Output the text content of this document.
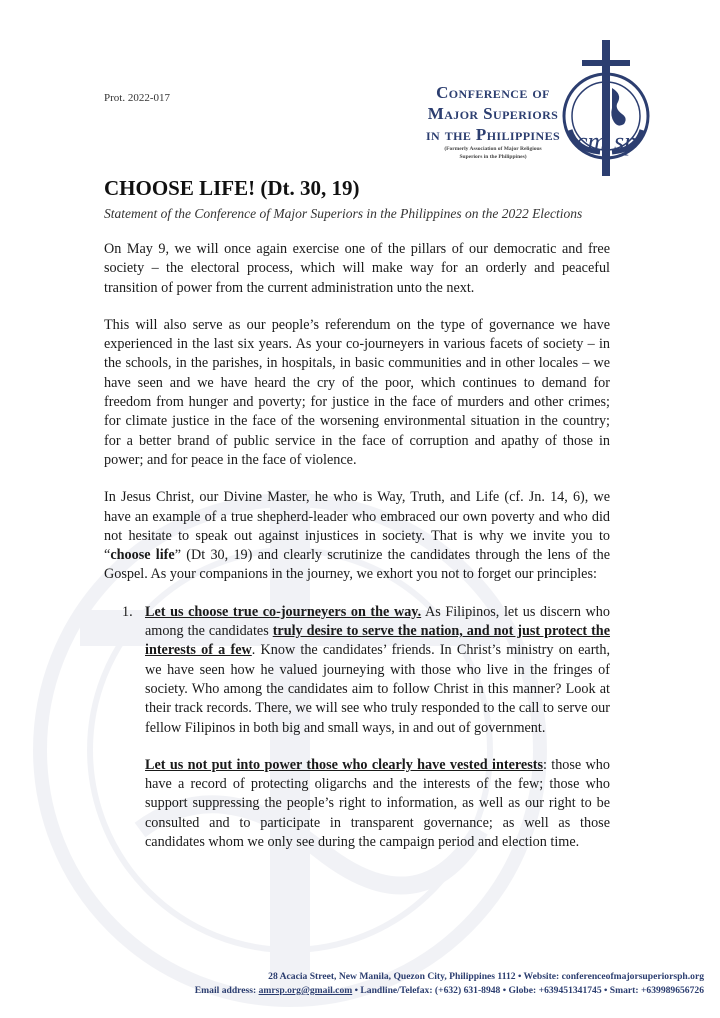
Prot. 2022-017	Conference of
Major Superiors
in the Philippines
(Formerly Association of Major Religious
Superiors in the Philippines)
cm sp
CHOOSE LIFE! (Dt. 30, 19)
Statement of the Conference of Major Superiors in the Philippines on the 2022 Elections

On May 9, we will once again exercise one of the pillars of our democratic and free society – the electoral process, which will make way for an orderly and peaceful transition of power from the current administration unto the next.

This will also serve as our people’s referendum on the type of governance we have experienced in the last six years. As your co-journeyers in various facets of society – in the schools, in the parishes, in hospitals, in basic communities and in other locales – we have seen and we have heard the cry of the poor, which continues to demand for freedom from hunger and poverty; for justice in the face of murders and other crimes; for climate justice in the face of the worsening environmental situation in the country; for a better brand of public service in the face of corruption and apathy of those in power; and for peace in the face of violence.

In Jesus Christ, our Divine Master, he who is Way, Truth, and Life (cf. Jn. 14, 6), we have an example of a true shepherd-leader who embraced our own poverty and who did not hesitate to speak out against injustices in society. That is why we invite you to “choose life” (Dt 30, 19) and clearly scrutinize the candidates through the lens of the Gospel. As your companions in the journey, we exhort you not to forget our principles:

1. Let us choose true co-journeyers on the way. As Filipinos, let us discern who among the candidates truly desire to serve the nation, and not just protect the interests of a few. Know the candidates’ friends. In Christ’s ministry on earth, we have seen how he valued journeying with those who live in the fringes of society. Who among the candidates aim to follow Christ in this manner? Look at their track records. There, we will see who truly responded to the call to serve our fellow Filipinos in both big and small ways, in and out of government.

Let us not put into power those who clearly have vested interests: those who have a record of protecting oligarchs and the interests of the few; those who support suppressing the people’s right to information, as well as our right to be consulted and to participate in transparent governance; as well as those candidates whom we only see during the campaign period and election time.

28 Acacia Street, New Manila, Quezon City, Philippines 1112 • Website: conferenceofmajorsuperiorsph.org
Email address: amrsp.org@gmail.com • Landline/Telefax: (+632) 631-8948 • Globe: +639451341745 • Smart: +639989656726
